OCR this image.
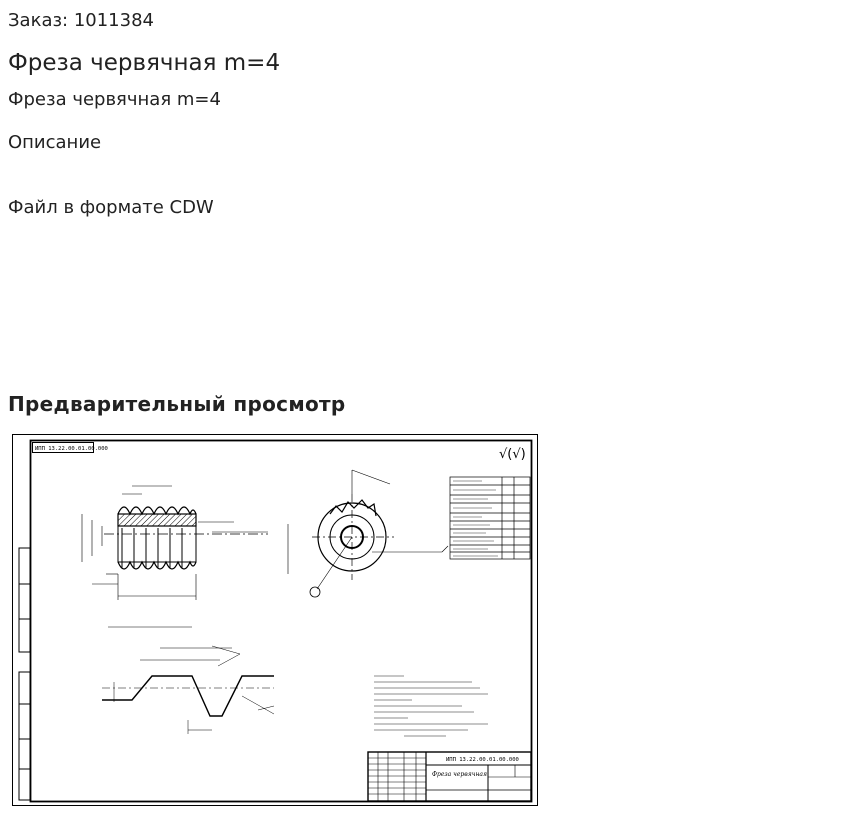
Заказ: 1011384
Фреза червячная m=4
Фреза червячная m=4
Описание
Файл в формате CDW
Предварительный просмотр
ИПП 13.22.00.01.00.000	√(√)
ИПП 13.22.00.01.00.000
Фреза червячная
